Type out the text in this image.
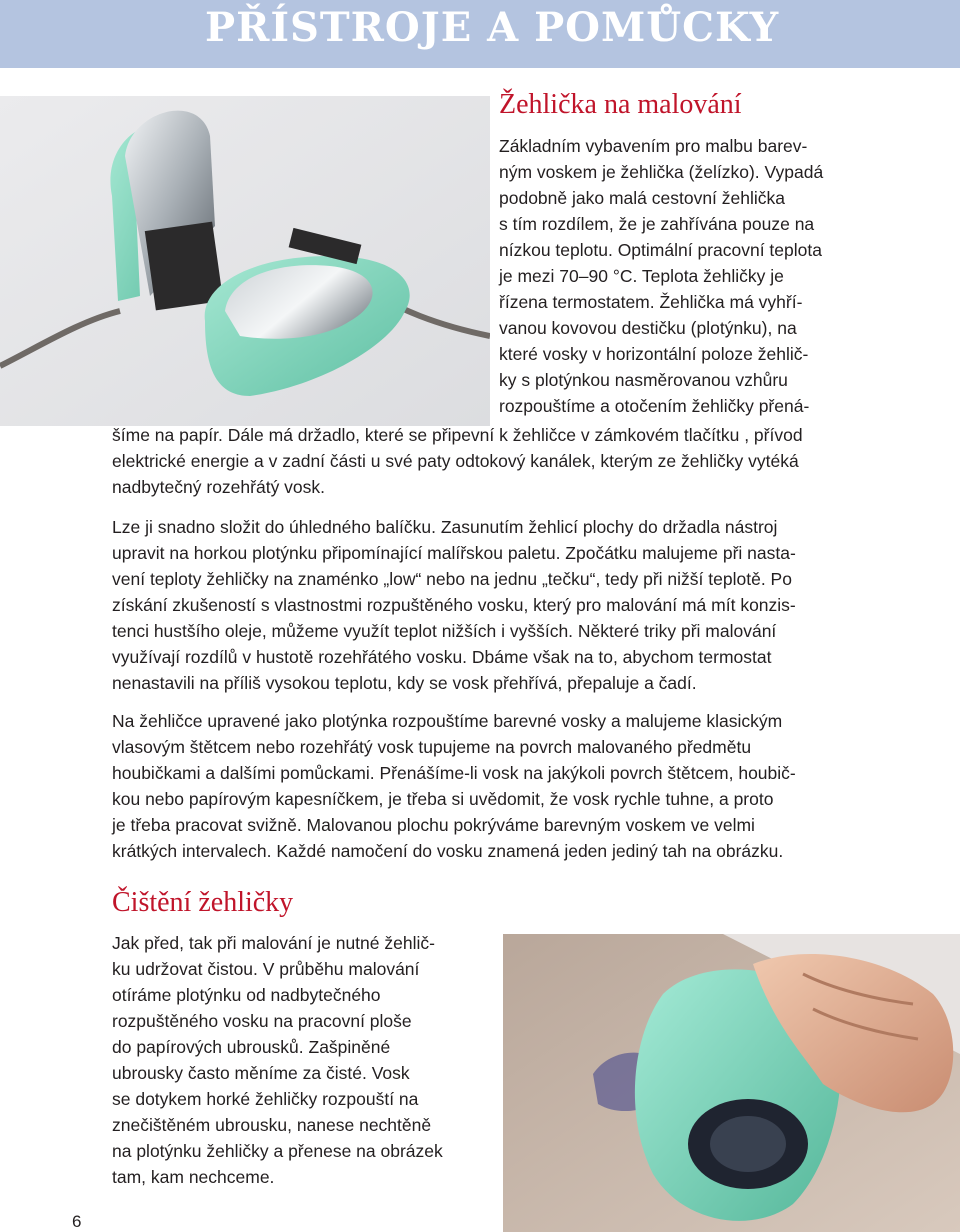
PŘÍSTROJE A POMŮCKY
Žehlička na malování

Základním vybavením pro malbu barev-

ným voskem je žehlička (želízko). Vypadá

podobně jako malá cestovní žehlička

s tím rozdílem, že je zahřívána pouze na

nízkou teplotu. Optimální pracovní teplota

je mezi 70–90 °C. Teplota žehličky je

řízena termostatem. Žehlička má vyhří-

vanou kovovou destičku (plotýnku), na

které vosky v horizontální poloze žehlič-

ky s plotýnkou nasměrovanou vzhůru

rozpouštíme a otočením žehličky přená-

šíme na papír. Dále má držadlo, které se připevní k žehličce v zámkovém tlačítku , přívod

elektrické energie a v zadní části u své paty odtokový kanálek, kterým ze žehličky vytéká

nadbytečný rozehřátý vosk.

Lze ji snadno složit do úhledného balíčku. Zasunutím žehlicí plochy do držadla nástroj

upravit na horkou plotýnku připomínající malířskou paletu. Zpočátku malujeme při nasta-

vení teploty žehličky na znaménko „low“ nebo na jednu „tečku“, tedy při nižší teplotě. Po

získání zkušeností s vlastnostmi rozpuštěného vosku, který pro malování má mít konzis-

tenci hustšího oleje, můžeme využít teplot nižších i vyšších. Některé triky při malování

využívají rozdílů v hustotě rozehřátého vosku. Dbáme však na to, abychom termostat

nenastavili na příliš vysokou teplotu, kdy se vosk přehřívá, přepaluje a čadí.

Na žehličce upravené jako plotýnka rozpouštíme barevné vosky a malujeme klasickým

vlasovým štětcem nebo rozehřátý vosk tupujeme na povrch malovaného předmětu

houbičkami a dalšími pomůckami. Přenášíme-li vosk na jakýkoli povrch štětcem, houbič-

kou nebo papírovým kapesníčkem, je třeba si uvědomit, že vosk rychle tuhne, a proto

je třeba pracovat svižně. Malovanou plochu pokrýváme barevným voskem ve velmi

krátkých intervalech. Každé namočení do vosku znamená jeden jediný tah na obrázku.

Čištění žehličky

Jak před, tak při malování je nutné žehlič-

ku udržovat čistou. V průběhu malování

otíráme plotýnku od nadbytečného

rozpuštěného vosku na pracovní ploše

do papírových ubrousků. Zašpiněné

ubrousky často měníme za čisté. Vosk

se dotykem horké žehličky rozpouští na

znečištěném ubrousku, nanese nechtěně

na plotýnku žehličky a přenese na obrázek

tam, kam nechceme.

6
